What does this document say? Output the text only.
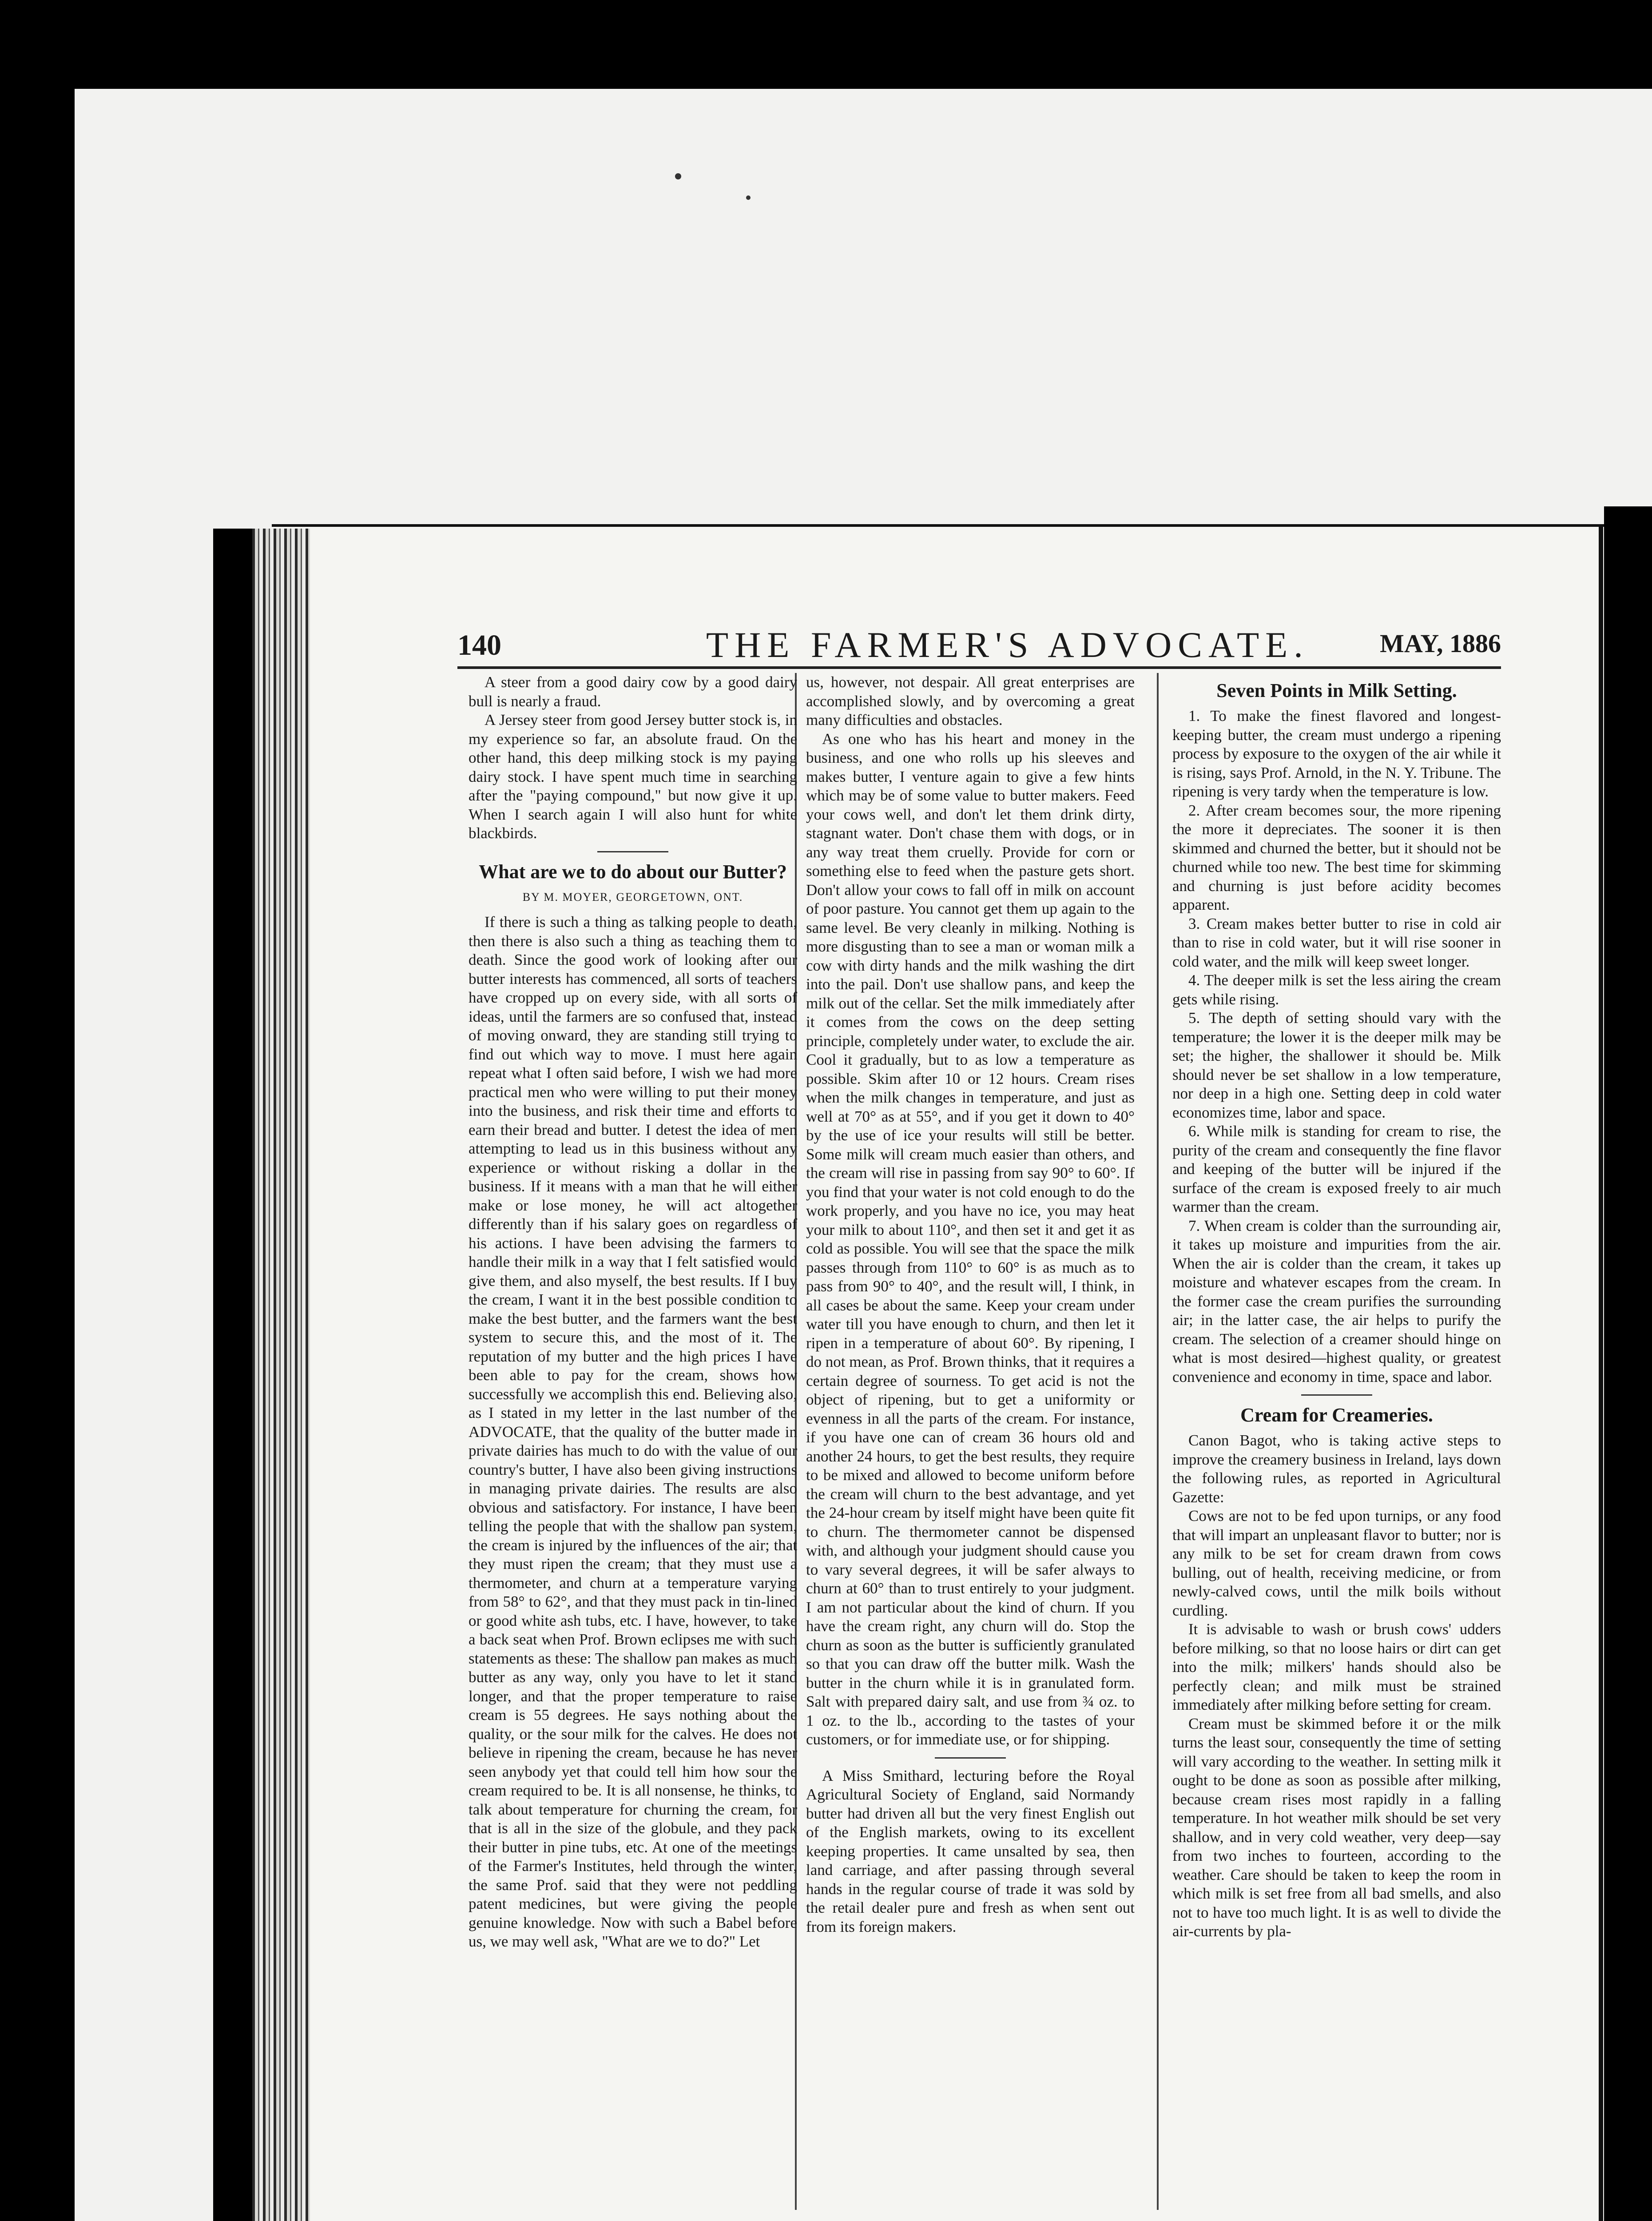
140	THE FARMER'S ADVOCATE.	MAY, 1886

A steer from a good dairy cow by a good dairy bull is nearly a fraud.

A Jersey steer from good Jersey butter stock is, in my experience so far, an absolute fraud. On the other hand, this deep milking stock is my paying dairy stock. I have spent much time in searching after the "paying compound," but now give it up. When I search again I will also hunt for white blackbirds.

What are we to do about our Butter?
BY M. MOYER, GEORGETOWN, ONT.

If there is such a thing as talking people to death, then there is also such a thing as teaching them to death. Since the good work of looking after our butter interests has commenced, all sorts of teachers have cropped up on every side, with all sorts of ideas, until the farmers are so confused that, instead of moving onward, they are standing still trying to find out which way to move. I must here again repeat what I often said before, I wish we had more practical men who were willing to put their money into the business, and risk their time and efforts to earn their bread and butter. I detest the idea of men attempting to lead us in this business without any experience or without risking a dollar in the business. If it means with a man that he will either make or lose money, he will act altogether differently than if his salary goes on regardless of his actions. I have been advising the farmers to handle their milk in a way that I felt satisfied would give them, and also myself, the best results. If I buy the cream, I want it in the best possible condition to make the best butter, and the farmers want the best system to secure this, and the most of it. The reputation of my butter and the high prices I have been able to pay for the cream, shows how successfully we accomplish this end. Believing also, as I stated in my letter in the last number of the ADVOCATE, that the quality of the butter made in private dairies has much to do with the value of our country's butter, I have also been giving instructions in managing private dairies. The results are also obvious and satisfactory. For instance, I have been telling the people that with the shallow pan system, the cream is injured by the influences of the air; that they must ripen the cream; that they must use a thermometer, and churn at a temperature varying from 58° to 62°, and that they must pack in tin-lined or good white ash tubs, etc. I have, however, to take a back seat when Prof. Brown eclipses me with such statements as these: The shallow pan makes as much butter as any way, only you have to let it stand longer, and that the proper temperature to raise cream is 55 degrees. He says nothing about the quality, or the sour milk for the calves. He does not believe in ripening the cream, because he has never seen anybody yet that could tell him how sour the cream required to be. It is all nonsense, he thinks, to talk about temperature for churning the cream, for that is all in the size of the globule, and they pack their butter in pine tubs, etc. At one of the meetings of the Farmer's Institutes, held through the winter, the same Prof. said that they were not peddling patent medicines, but were giving the people genuine knowledge. Now with such a Babel before us, we may well ask, "What are we to do?" Let

us, however, not despair. All great enterprises are accomplished slowly, and by overcoming a great many difficulties and obstacles.

As one who has his heart and money in the business, and one who rolls up his sleeves and makes butter, I venture again to give a few hints which may be of some value to butter makers. Feed your cows well, and don't let them drink dirty, stagnant water. Don't chase them with dogs, or in any way treat them cruelly. Provide for corn or something else to feed when the pasture gets short. Don't allow your cows to fall off in milk on account of poor pasture. You cannot get them up again to the same level. Be very cleanly in milking. Nothing is more disgusting than to see a man or woman milk a cow with dirty hands and the milk washing the dirt into the pail. Don't use shallow pans, and keep the milk out of the cellar. Set the milk immediately after it comes from the cows on the deep setting principle, completely under water, to exclude the air. Cool it gradually, but to as low a temperature as possible. Skim after 10 or 12 hours. Cream rises when the milk changes in temperature, and just as well at 70° as at 55°, and if you get it down to 40° by the use of ice your results will still be better. Some milk will cream much easier than others, and the cream will rise in passing from say 90° to 60°. If you find that your water is not cold enough to do the work properly, and you have no ice, you may heat your milk to about 110°, and then set it and get it as cold as possible. You will see that the space the milk passes through from 110° to 60° is as much as to pass from 90° to 40°, and the result will, I think, in all cases be about the same. Keep your cream under water till you have enough to churn, and then let it ripen in a temperature of about 60°. By ripening, I do not mean, as Prof. Brown thinks, that it requires a certain degree of sourness. To get acid is not the object of ripening, but to get a uniformity or evenness in all the parts of the cream. For instance, if you have one can of cream 36 hours old and another 24 hours, to get the best results, they require to be mixed and allowed to become uniform before the cream will churn to the best advantage, and yet the 24-hour cream by itself might have been quite fit to churn. The thermometer cannot be dispensed with, and although your judgment should cause you to vary several degrees, it will be safer always to churn at 60° than to trust entirely to your judgment. I am not particular about the kind of churn. If you have the cream right, any churn will do. Stop the churn as soon as the butter is sufficiently granulated so that you can draw off the butter milk. Wash the butter in the churn while it is in granulated form. Salt with prepared dairy salt, and use from ¾ oz. to 1 oz. to the lb., according to the tastes of your customers, or for immediate use, or for shipping.

A Miss Smithard, lecturing before the Royal Agricultural Society of England, said Normandy butter had driven all but the very finest English out of the English markets, owing to its excellent keeping properties. It came unsalted by sea, then land carriage, and after passing through several hands in the regular course of trade it was sold by the retail dealer pure and fresh as when sent out from its foreign makers.

Seven Points in Milk Setting.

1. To make the finest flavored and longest-keeping butter, the cream must undergo a ripening process by exposure to the oxygen of the air while it is rising, says Prof. Arnold, in the N. Y. Tribune. The ripening is very tardy when the temperature is low.

2. After cream becomes sour, the more ripening the more it depreciates. The sooner it is then skimmed and churned the better, but it should not be churned while too new. The best time for skimming and churning is just before acidity becomes apparent.

3. Cream makes better butter to rise in cold air than to rise in cold water, but it will rise sooner in cold water, and the milk will keep sweet longer.

4. The deeper milk is set the less airing the cream gets while rising.

5. The depth of setting should vary with the temperature; the lower it is the deeper milk may be set; the higher, the shallower it should be. Milk should never be set shallow in a low temperature, nor deep in a high one. Setting deep in cold water economizes time, labor and space.

6. While milk is standing for cream to rise, the purity of the cream and consequently the fine flavor and keeping of the butter will be injured if the surface of the cream is exposed freely to air much warmer than the cream.

7. When cream is colder than the surrounding air, it takes up moisture and impurities from the air. When the air is colder than the cream, it takes up moisture and whatever escapes from the cream. In the former case the cream purifies the surrounding air; in the latter case, the air helps to purify the cream. The selection of a creamer should hinge on what is most desired—highest quality, or greatest convenience and economy in time, space and labor.

Cream for Creameries.

Canon Bagot, who is taking active steps to improve the creamery business in Ireland, lays down the following rules, as reported in Agricultural Gazette:

Cows are not to be fed upon turnips, or any food that will impart an unpleasant flavor to butter; nor is any milk to be set for cream drawn from cows bulling, out of health, receiving medicine, or from newly-calved cows, until the milk boils without curdling.

It is advisable to wash or brush cows' udders before milking, so that no loose hairs or dirt can get into the milk; milkers' hands should also be perfectly clean; and milk must be strained immediately after milking before setting for cream.

Cream must be skimmed before it or the milk turns the least sour, consequently the time of setting will vary according to the weather. In setting milk it ought to be done as soon as possible after milking, because cream rises most rapidly in a falling temperature. In hot weather milk should be set very shallow, and in very cold weather, very deep—say from two inches to fourteen, according to the weather. Care should be taken to keep the room in which milk is set free from all bad smells, and also not to have too much light. It is as well to divide the air-currents by pla-
